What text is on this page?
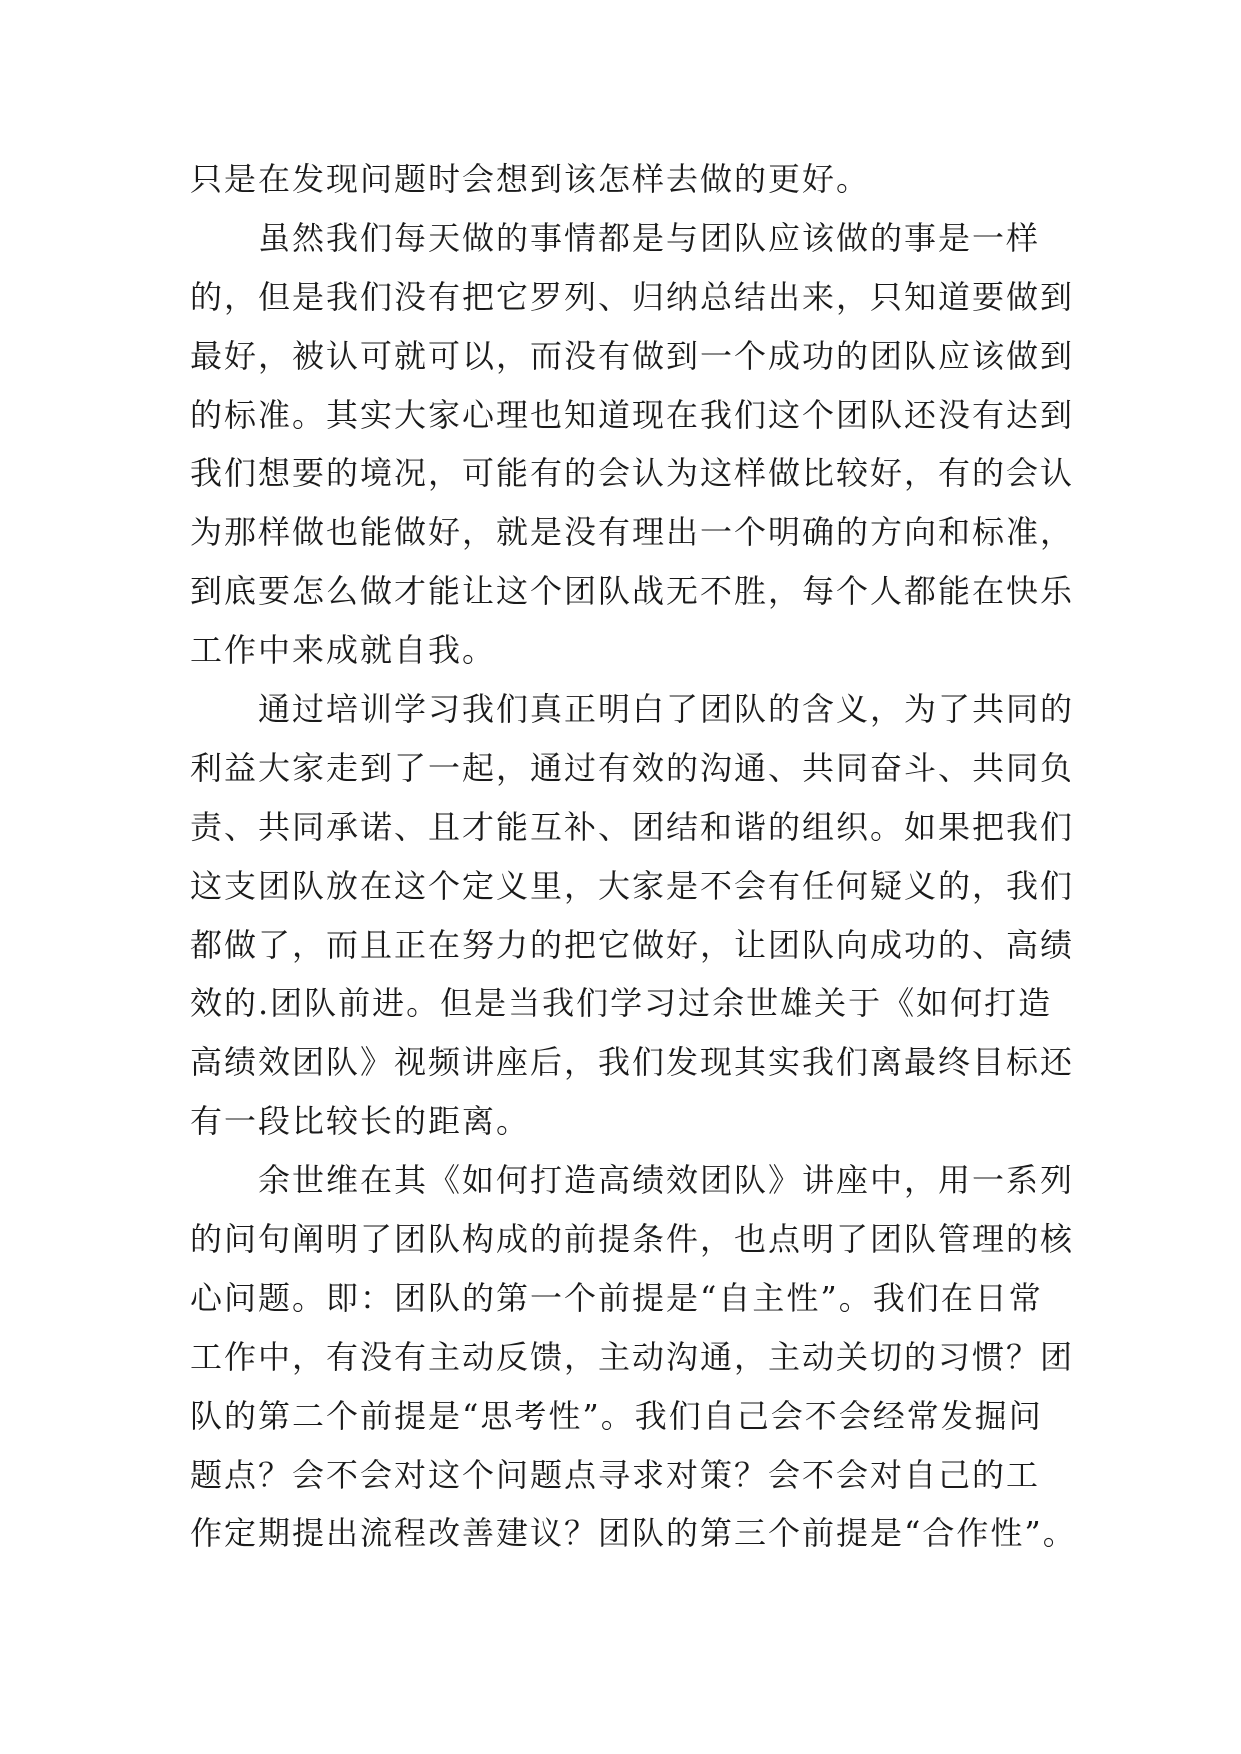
只是在发现问题时会想到该怎样去做的更好。
　　虽然我们每天做的事情都是与团队应该做的事是一样
的，但是我们没有把它罗列、归纳总结出来，只知道要做到
最好，被认可就可以，而没有做到一个成功的团队应该做到
的标准。其实大家心理也知道现在我们这个团队还没有达到
我们想要的境况，可能有的会认为这样做比较好，有的会认
为那样做也能做好，就是没有理出一个明确的方向和标准，
到底要怎么做才能让这个团队战无不胜，每个人都能在快乐
工作中来成就自我。
　　通过培训学习我们真正明白了团队的含义，为了共同的
利益大家走到了一起，通过有效的沟通、共同奋斗、共同负
责、共同承诺、且才能互补、团结和谐的组织。如果把我们
这支团队放在这个定义里，大家是不会有任何疑义的，我们
都做了，而且正在努力的把它做好，让团队向成功的、高绩
效的.团队前进。但是当我们学习过余世雄关于《如何打造
高绩效团队》视频讲座后，我们发现其实我们离最终目标还
有一段比较长的距离。
　　余世维在其《如何打造高绩效团队》讲座中，用一系列
的问句阐明了团队构成的前提条件，也点明了团队管理的核
心问题。即：团队的第一个前提是“自主性”。我们在日常
工作中，有没有主动反馈，主动沟通，主动关切的习惯？团
队的第二个前提是“思考性”。我们自己会不会经常发掘问
题点？会不会对这个问题点寻求对策？会不会对自己的工
作定期提出流程改善建议？团队的第三个前提是“合作性”。
